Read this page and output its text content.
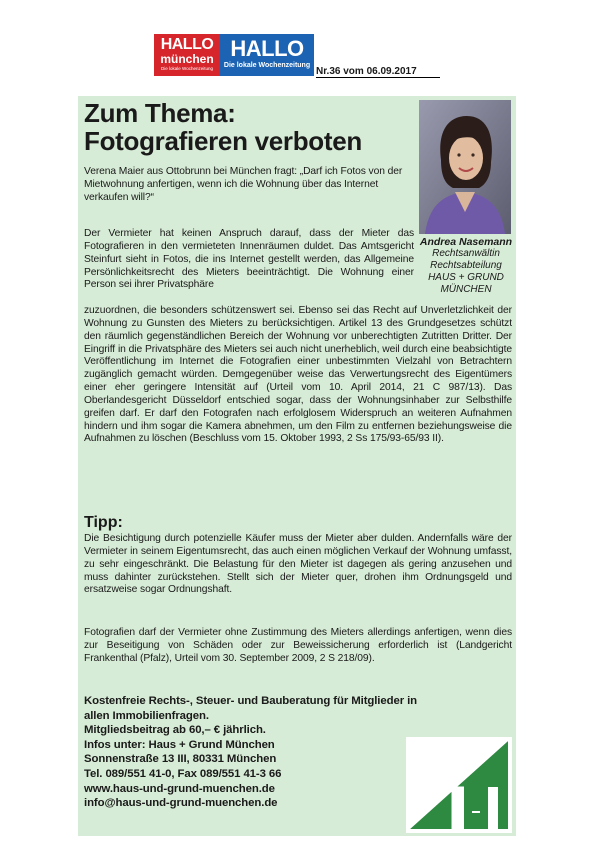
HALLO
münchen
Die lokale Wochenzeitung
HALLO
Die lokale Wochenzeitung
Nr.36 vom 06.09.2017
Zum Thema:
Fotografieren verboten
Andrea Nasemann
Rechtsanwältin
Rechtsabteilung
HAUS + GRUND
MÜNCHEN

Verena Maier aus Ottobrunn bei München fragt: „Darf ich Fotos von der Mietwohnung anfertigen, wenn ich die Wohnung über das Internet verkaufen will?“

Der Vermieter hat keinen Anspruch darauf, dass der Mieter das Fotografieren in den vermieteten Innenräumen duldet. Das Amtsgericht Steinfurt sieht in Fotos, die ins Internet gestellt werden, das Allgemeine Persönlichkeitsrecht des Mieters beeinträchtigt. Die Wohnung einer Person sei ihrer Privatsphäre

zuzuordnen, die besonders schützenswert sei. Ebenso sei das Recht auf Unverletzlichkeit der Wohnung zu Gunsten des Mieters zu berücksichtigen. Artikel 13 des Grundgesetzes schützt den räumlich gegenständlichen Bereich der Wohnung vor unberechtigten Zutritten Dritter. Der Eingriff in die Privatsphäre des Mieters sei auch nicht unerheblich, weil durch eine beabsichtigte Veröffentlichung im Internet die Fotografien einer unbestimmten Vielzahl von Betrachtern zugänglich gemacht würden. Demgegenüber weise das Verwertungsrecht des Eigentümers einer eher geringere Intensität auf (Urteil vom 10. April 2014, 21 C 987/13). Das Oberlandesgericht Düsseldorf entschied sogar, dass der Wohnungsinhaber zur Selbsthilfe greifen darf. Er darf den Fotografen nach erfolglosem Widerspruch an weiteren Aufnahmen hindern und ihm sogar die Kamera abnehmen, um den Film zu entfernen beziehungsweise die Aufnahmen zu löschen (Beschluss vom 15. Oktober 1993, 2 Ss 175/93-65/93 II).

Tipp:

Die Besichtigung durch potenzielle Käufer muss der Mieter aber dulden. Andernfalls wäre der Vermieter in seinem Eigentumsrecht, das auch einen möglichen Verkauf der Wohnung umfasst, zu sehr eingeschränkt. Die Belastung für den Mieter ist dagegen als gering anzusehen und muss dahinter zurückstehen. Stellt sich der Mieter quer, drohen ihm Ordnungsgeld und ersatzweise sogar Ordnungshaft.

Fotografien darf der Vermieter ohne Zustimmung des Mieters allerdings anfertigen, wenn dies zur Beseitigung von Schäden oder zur Beweissicherung erforderlich ist (Landgericht Frankenthal (Pfalz), Urteil vom 30. September 2009, 2 S 218/09).

Kostenfreie Rechts-, Steuer- und Bauberatung für Mitglieder in
allen Immobilienfragen.
Mitgliedsbeitrag ab 60,– € jährlich.
Infos unter: Haus + Grund München
Sonnenstraße 13 III, 80331 München
Tel. 089/551 41-0, Fax 089/551 41-3 66
www.haus-und-grund-muenchen.de
info@haus-und-grund-muenchen.de
